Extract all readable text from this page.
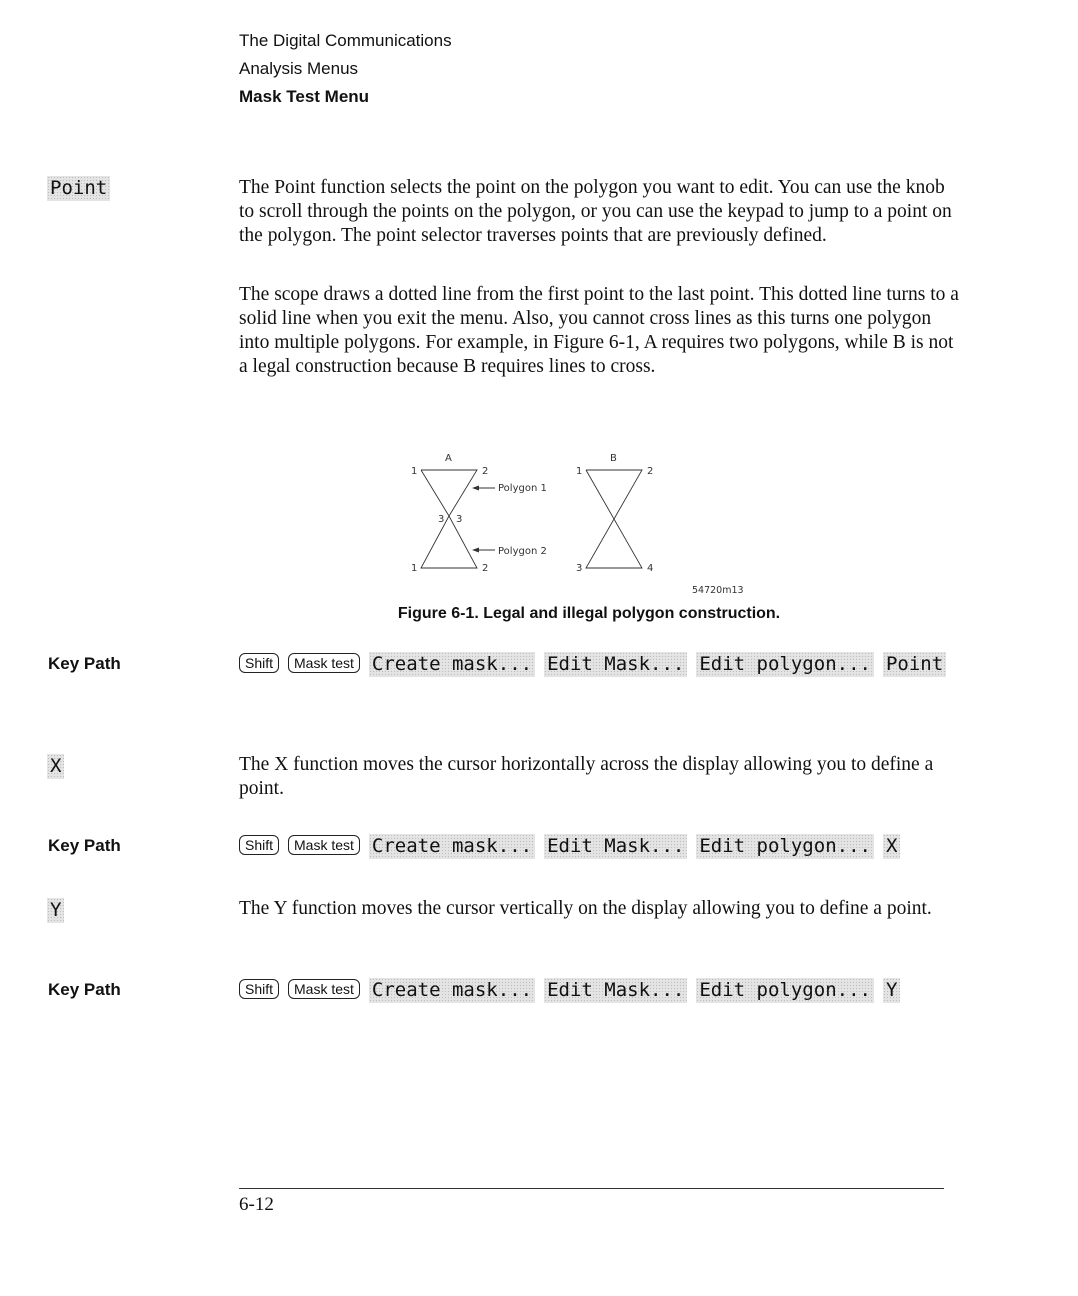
The Digital Communications
Analysis Menus
Mask Test Menu
Point	The Point function selects the point on the polygon you want to edit. You can use the knob to scroll through the points on the polygon, or you can use the keypad to jump to a point on the polygon. The point selector traverses points that are previously defined.

The scope draws a dotted line from the first point to the last point. This dotted line turns to a solid line when you exit the menu. Also, you cannot cross lines as this turns one polygon into multiple polygons. For example, in Figure 6-1, A requires two polygons, while B is not a legal construction because B requires lines to cross.

A
1	2
3 3
1	2
Polygon 1
Polygon 2
B
1	2
3	4
54720m13
Figure 6-1. Legal and illegal polygon construction.
Key Path	Shift Mask test Create mask... Edit Mask... Edit polygon... Point
X	The X function moves the cursor horizontally across the display allowing you to define a point.

Key Path	Shift Mask test Create mask... Edit Mask... Edit polygon... X
Y	The Y function moves the cursor vertically on the display allowing you to define a point.

Key Path	Shift Mask test Create mask... Edit Mask... Edit polygon... Y
6-12
